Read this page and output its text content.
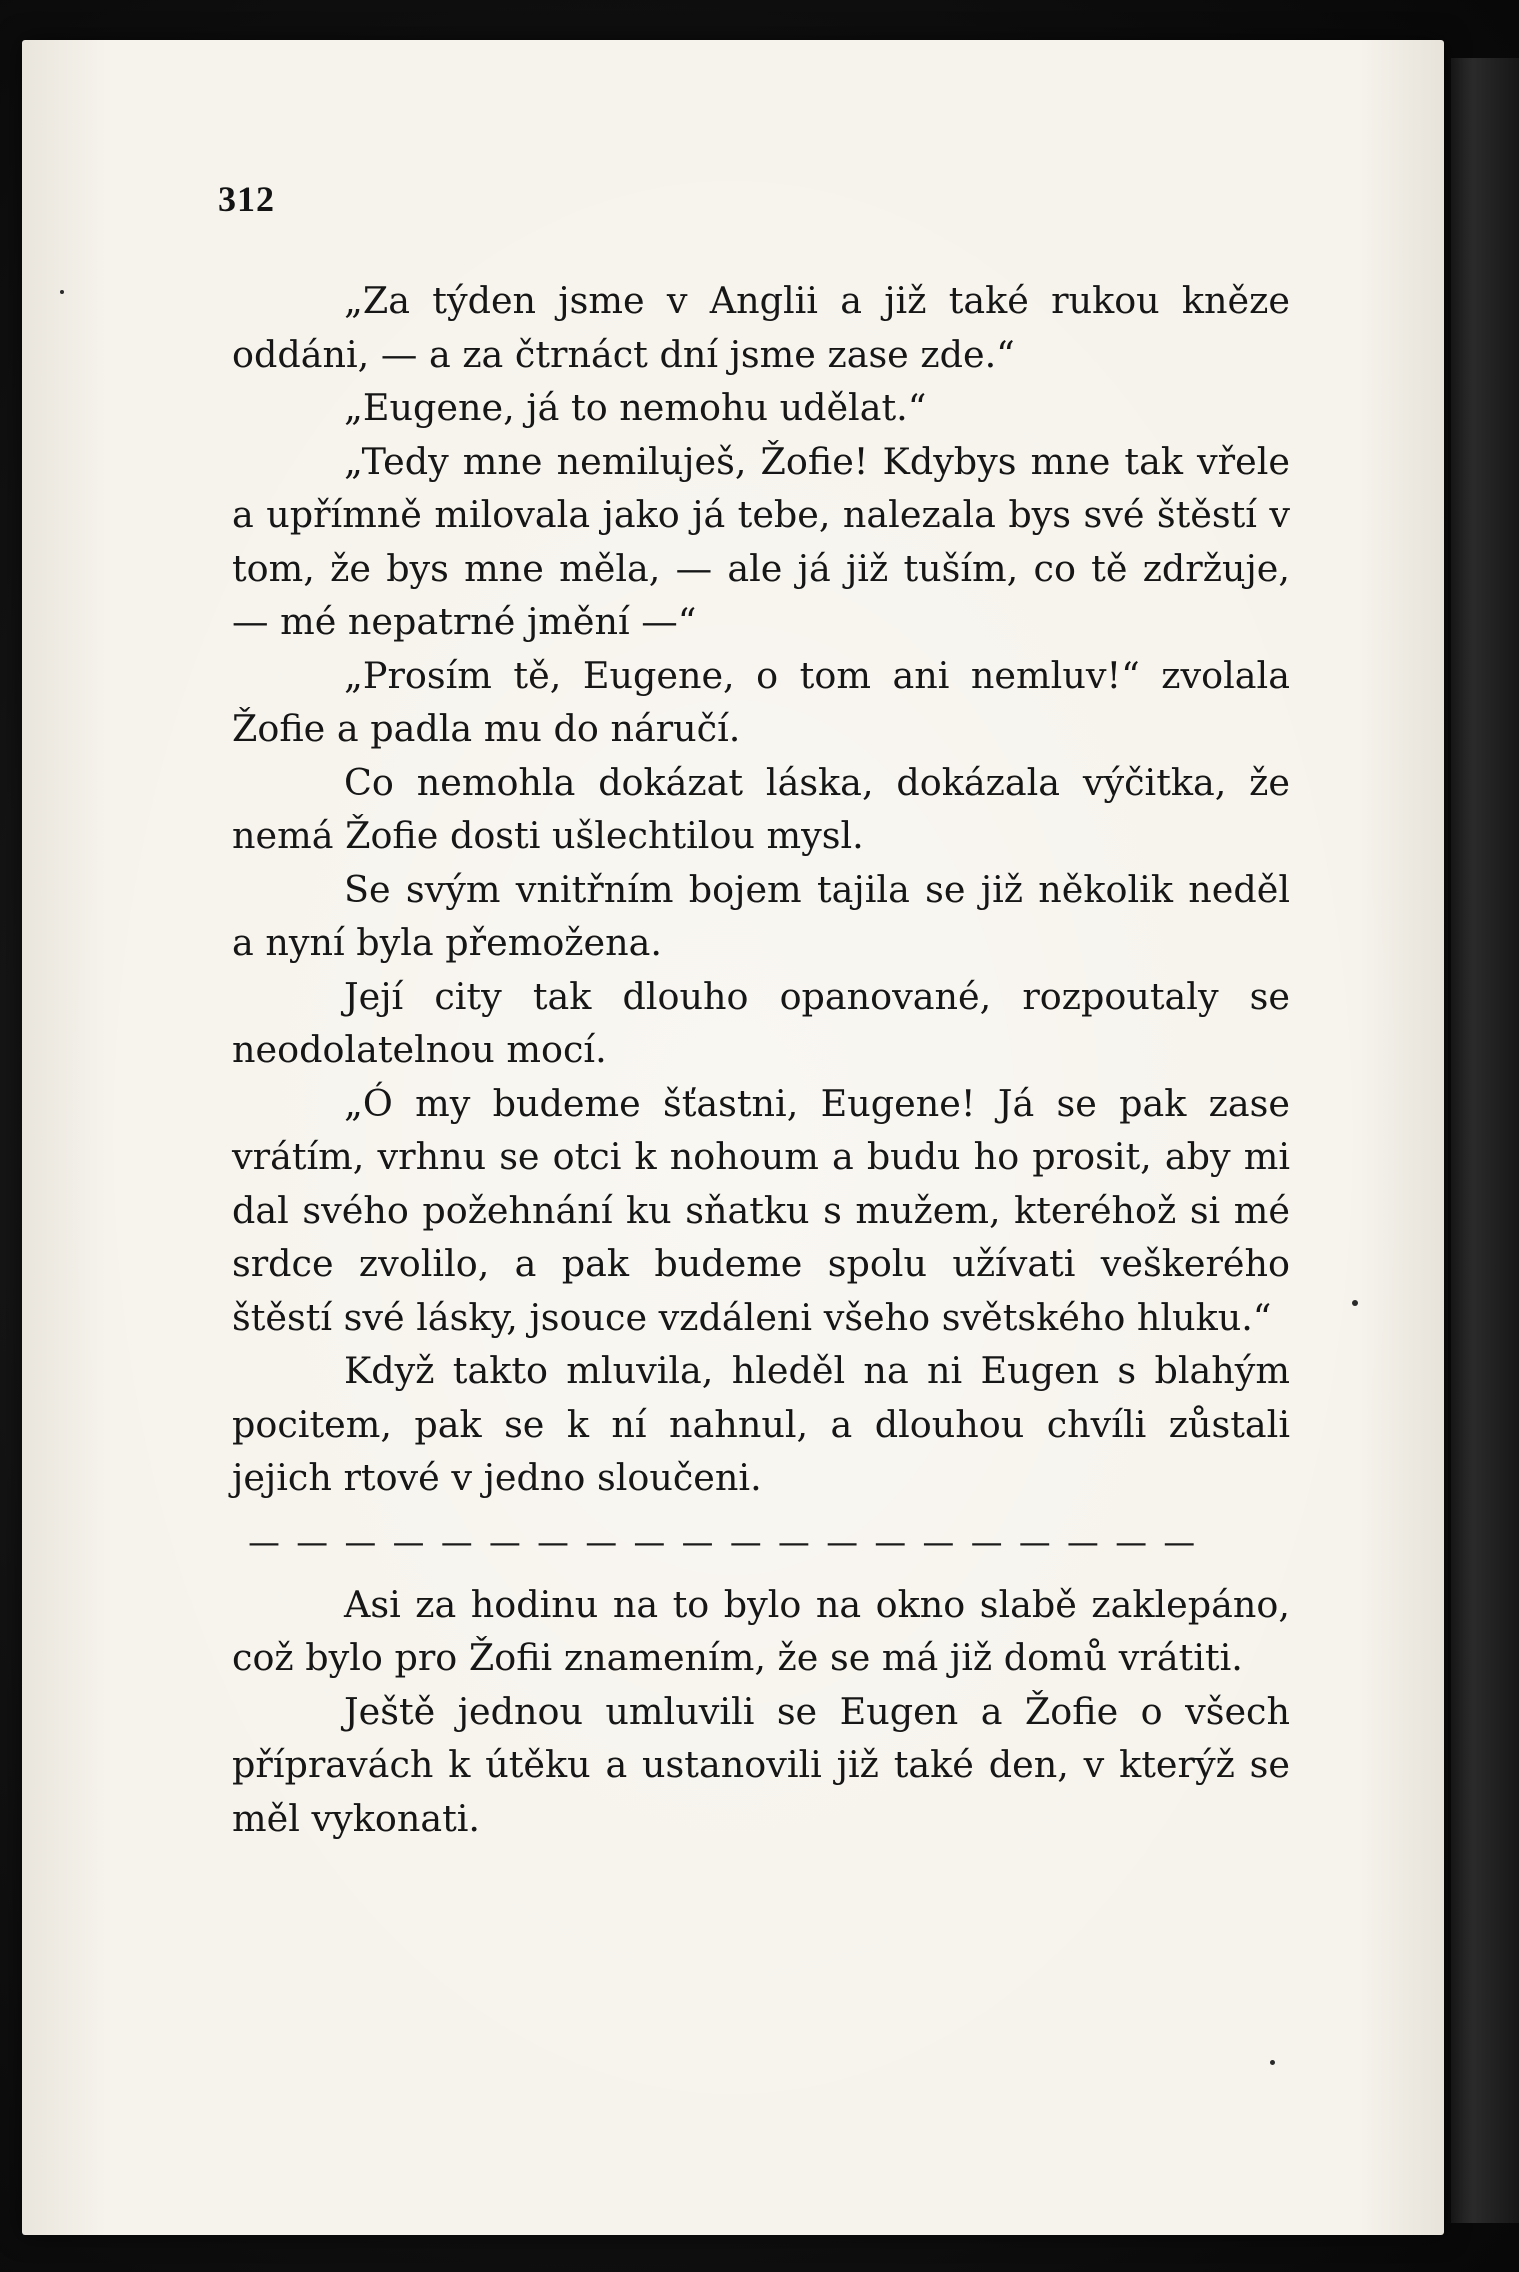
312

„Za týden jsme v Anglii a již také rukou kněze oddáni, — a za čtrnáct dní jsme zase zde.“

„Eugene, já to nemohu udělat.“

„Tedy mne nemiluješ, Žofie! Kdybys mne tak vřele a upřímně milovala jako já tebe, nalezala bys své štěstí v tom, že bys mne měla, — ale já již tuším, co tě zdržuje, — mé nepatrné jmění —“

„Prosím tě, Eugene, o tom ani nemluv!“ zvolala Žofie a padla mu do náručí.

Co nemohla dokázat láska, dokázala výčitka, že nemá Žofie dosti ušlechtilou mysl.

Se svým vnitřním bojem tajila se již několik neděl a nyní byla přemožena.

Její city tak dlouho opanované, rozpoutaly se neodolatelnou mocí.

„Ó my budeme šťastni, Eugene! Já se pak zase vrátím, vrhnu se otci k nohoum a budu ho prosit, aby mi dal svého požehnání ku sňatku s mužem, kteréhož si mé srdce zvolilo, a pak budeme spolu užívati veškerého štěstí své lásky, jsouce vzdáleni všeho světského hluku.“

Když takto mluvila, hleděl na ni Eugen s blahým pocitem, pak se k ní nahnul, a dlouhou chvíli zůstali jejich rtové v jedno sloučeni.

— — — — — — — — — — — — — — — — — — — —

Asi za hodinu na to bylo na okno slabě zaklepáno, což bylo pro Žofii znamením, že se má již domů vrátiti.

Ještě jednou umluvili se Eugen a Žofie o všech přípravách k útěku a ustanovili již také den, v kterýž se měl vykonati.
